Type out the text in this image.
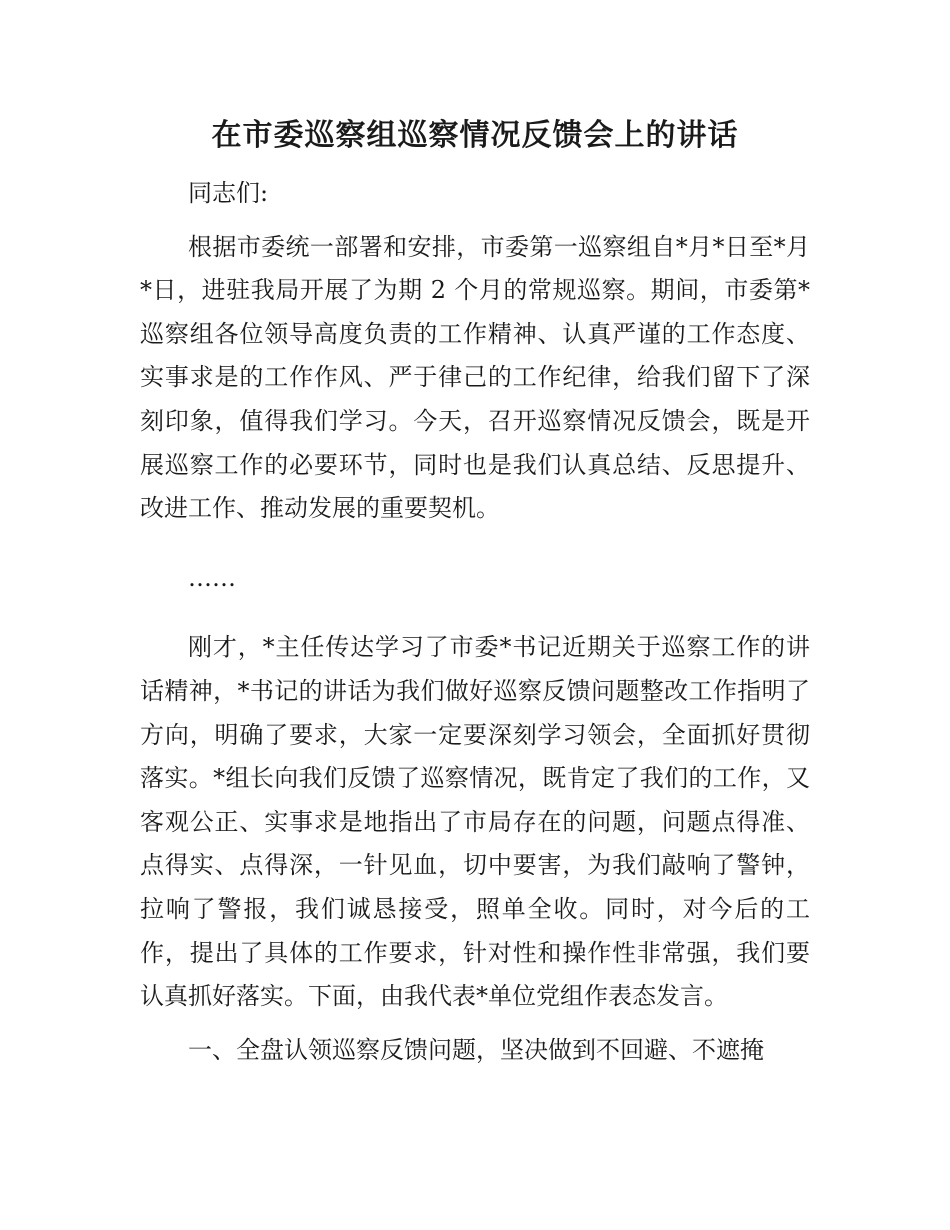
在市委巡察组巡察情况反馈会上的讲话

同志们:

根据市委统一部署和安排，市委第一巡察组自*月*日至*月*日，进驻我局开展了为期 2 个月的常规巡察。期间，市委第*巡察组各位领导高度负责的工作精神、认真严谨的工作态度、实事求是的工作作风、严于律己的工作纪律，给我们留下了深刻印象，值得我们学习。今天，召开巡察情况反馈会，既是开展巡察工作的必要环节，同时也是我们认真总结、反思提升、改进工作、推动发展的重要契机。

……

刚才，*主任传达学习了市委*书记近期关于巡察工作的讲话精神，*书记的讲话为我们做好巡察反馈问题整改工作指明了方向，明确了要求，大家一定要深刻学习领会，全面抓好贯彻落实。*组长向我们反馈了巡察情况，既肯定了我们的工作，又客观公正、实事求是地指出了市局存在的问题，问题点得准、点得实、点得深，一针见血，切中要害，为我们敲响了警钟，拉响了警报，我们诚恳接受，照单全收。同时，对今后的工作，提出了具体的工作要求，针对性和操作性非常强，我们要认真抓好落实。下面，由我代表*单位党组作表态发言。

一、全盘认领巡察反馈问题，坚决做到不回避、不遮掩
